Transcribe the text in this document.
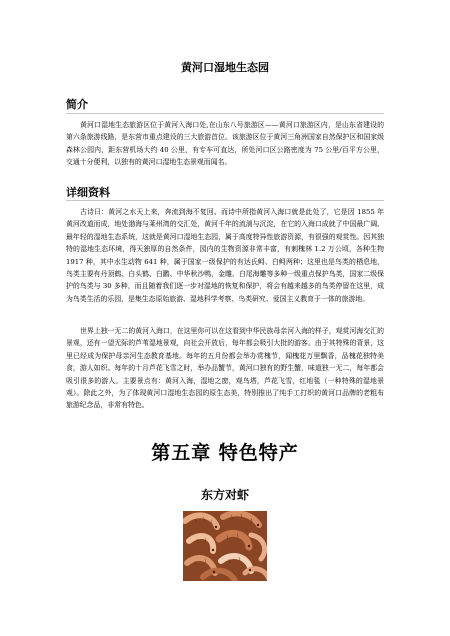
黄河口湿地生态园
简介

黄河口湿地生态旅游区位于黄河入海口处,在山东八号旅游区——黄河口旅游区内，是山东省建设的第六条旅游线路，是东营市重点建设的三大旅游首位。该旅游区位于黄河三角洲国家自然保护区和国家级森林公园内，距东营机场大约 40 公里，有专车可直达，所处河口区公路密度为 75 公里/百平方公里，交通十分便利，以独有的黄河口湿地生态景观而闻名。

详细资料

古诗曰：黄河之水天上来，奔流到海不复回。而诗中所指黄河入海口就是此处了，它是因 1855 年黄河改道而成，地处渤海与莱州湾的交汇处，黄河千年的流淌与沉淀，在它的入海口成就了中国最广阔、最年轻的湿地生态系统，这就是黄河口湿地生态园，属于高度特异性旅游资源，有很强的观赏性。因其独特的湿地生态环境，得天独厚的自然条件，园内的生物资源非常丰富，有刺槐林 1.2 万公顷，各种生物 1917 种，其中水生动物 641 种，属于国家一级保护的有达氏鲟、白鲟两种；这里也是鸟类的栖息地，鸟类主要有丹顶鹤、白头鹤、白鹳、中华秋沙鸭、金雕、白尾海雕等多种一级重点保护鸟类，国家二级保护的鸟类与 30 多种，而且随着我们逐一步对湿地的恢复和保护，将会有越来越多的鸟类停留在这里，成为鸟类生活的乐园，是集生态原始旅游、湿地科学考察、鸟类研究、爱国主义教育于一体的旅游地。

世界上独一无二的黄河入海口，在这里你可以在这看到中华民族母亲河入海的样子，观赏河海交汇的景观，还有一望无际的芦苇湿地景观，向社会开放后，每年都会吸引大批的游客。由于其特殊的背景，这里已经成为保护母亲河生态教育基地。每年的五月份都会举办赏槐节，闻槐花万里飘香，品槐花独特美食，游人如织。每年的十月芦花飞雪之时，举办品蟹节，黄河口独有的野生蟹，味道独一无二，每年都会吸引很多的游人。主要景点有：黄河入海，湿地之窗，观鸟塔，芦花飞雪，红地毯（一种特殊的湿地景观）。除此之外，为了体现黄河口湿地生态园的原生态美，特别推出了纯手工打织的黄河口品牌的老粗布旅游纪念品，非常有特色。

第五章 特色特产
东方对虾
